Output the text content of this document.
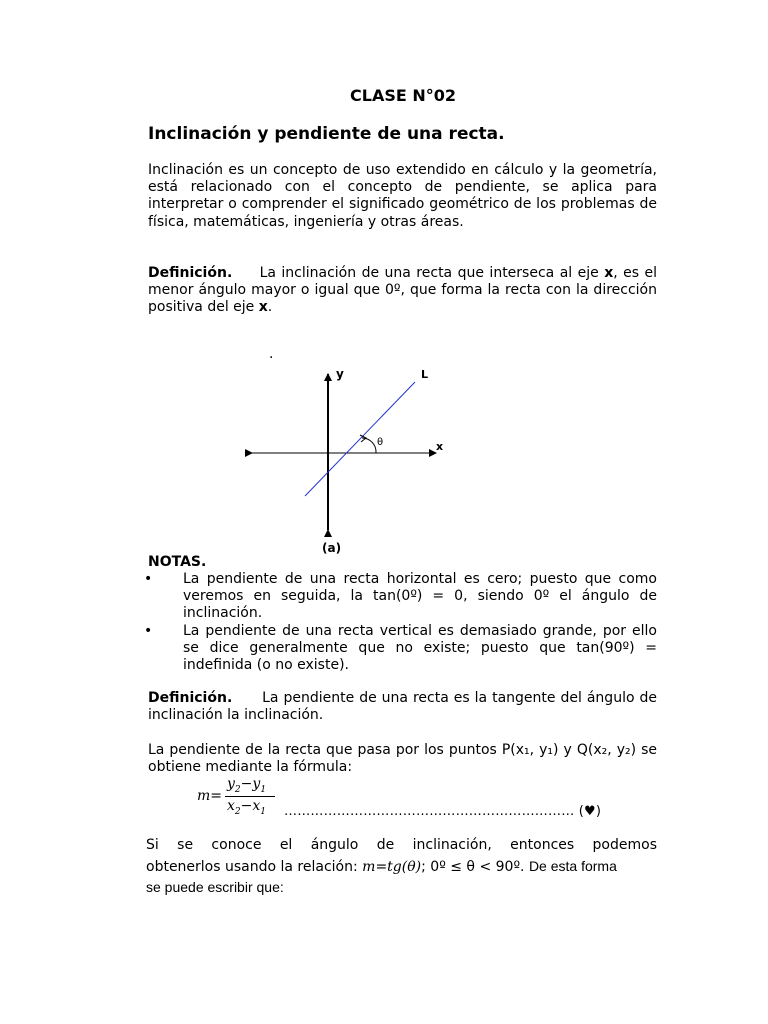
CLASE N°02
Inclinación y pendiente de una recta.
Inclinación es un concepto de uso extendido en cálculo y la geometría, está relacionado con el concepto de pendiente, se aplica para interpretar o comprender el significado geométrico de los problemas de física, matemáticas, ingeniería y otras áreas.
Definición. La inclinación de una recta que interseca al eje x, es el menor ángulo mayor o igual que 0º, que forma la recta con la dirección positiva del eje x.
.
y
x
L
θ
(a)
NOTAS.
• La pendiente de una recta horizontal es cero; puesto que como veremos en seguida, la tan(0º) = 0, siendo 0º el ángulo de inclinación.
• La pendiente de una recta vertical es demasiado grande, por ello se dice generalmente que no existe; puesto que tan(90º) = indefinida (o no existe).
Definición. La pendiente de una recta es la tangente del ángulo de inclinación la inclinación.
La pendiente de la recta que pasa por los puntos P(x₁, y₁) y Q(x₂, y₂) se obtiene mediante la fórmula:
m=
$y_2-y_1$
$x_2-x_1$ ………………………………………………………… (♥)
Si se conoce el ángulo de inclinación, entonces podemos
obtenerlos usando la relación: m=tg(θ); 0º ≤ θ < 90º. De esta forma
se puede escribir que:
